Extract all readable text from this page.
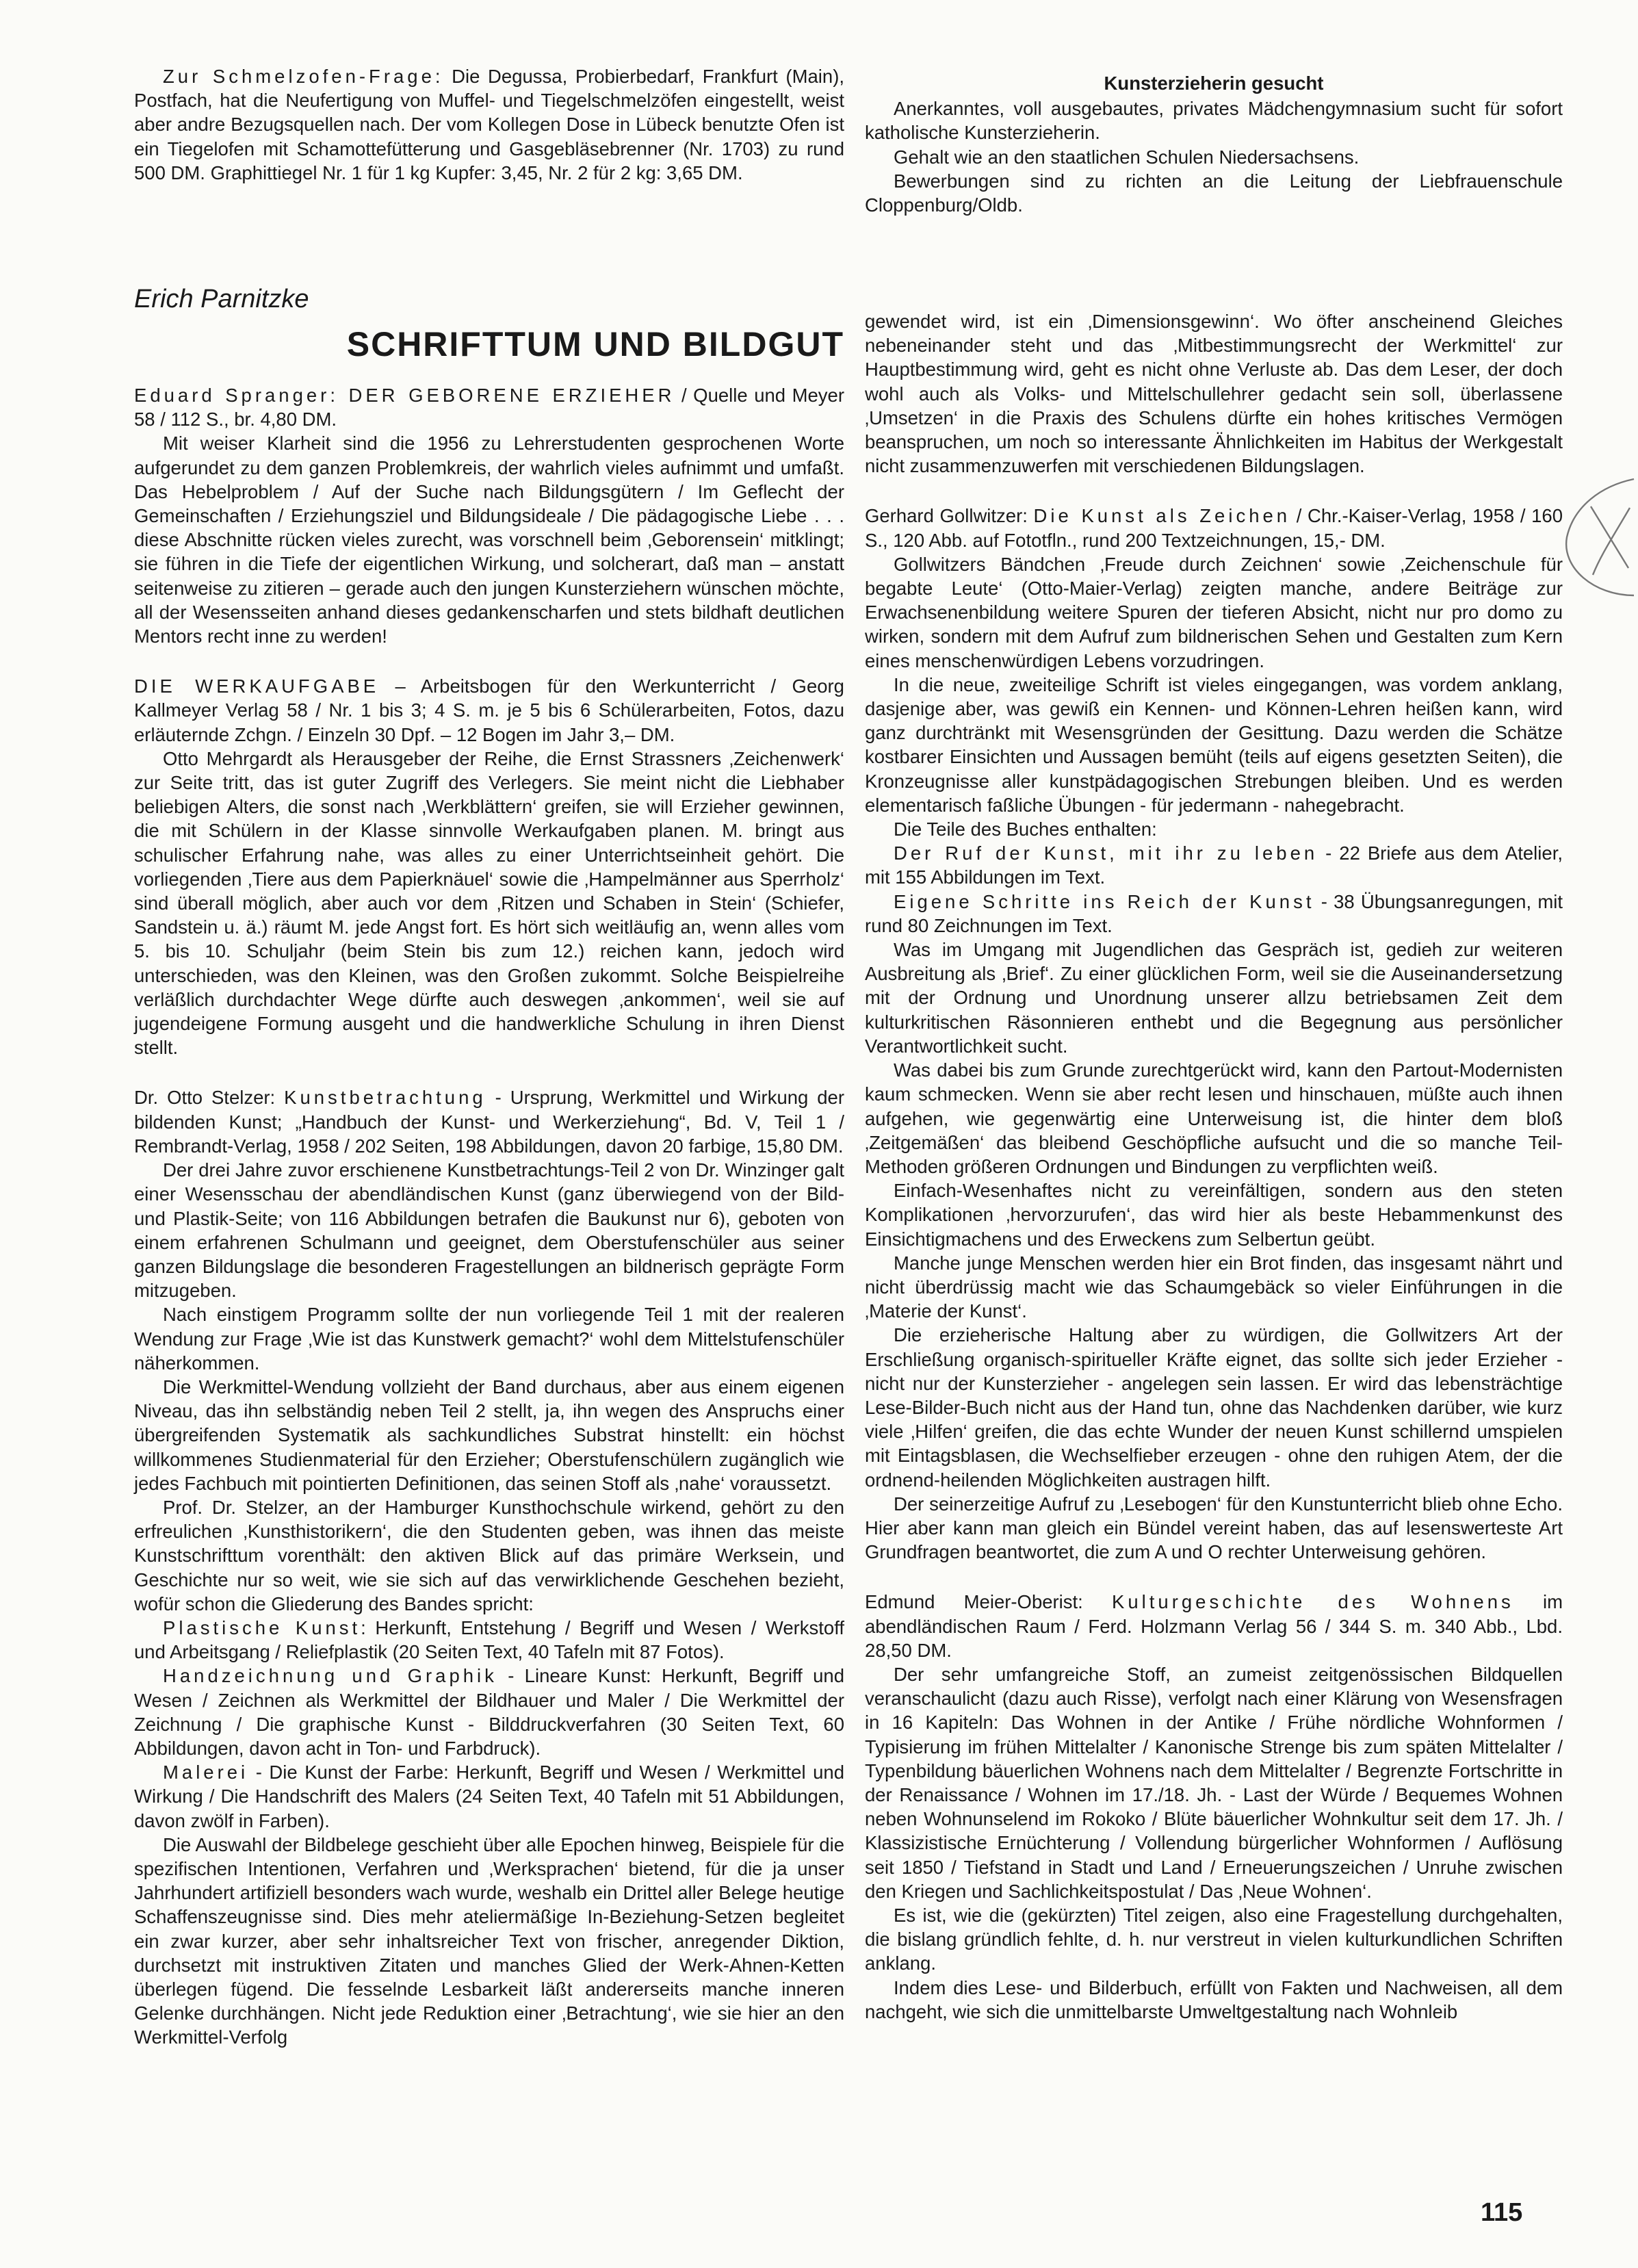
Zur Schmelzofen-Frage: Die Degussa, Probierbedarf, Frankfurt (Main), Postfach, hat die Neufertigung von Muffel- und Tiegelschmelzöfen eingestellt, weist aber andre Bezugsquellen nach. Der vom Kollegen Dose in Lübeck benutzte Ofen ist ein Tiegelofen mit Schamottefütterung und Gasgebläsebrenner (Nr. 1703) zu rund 500 DM. Graphittiegel Nr. 1 für 1 kg Kupfer: 3,45, Nr. 2 für 2 kg: 3,65 DM.

Kunsterzieherin gesucht

Anerkanntes, voll ausgebautes, privates Mädchengymnasium sucht für sofort katholische Kunsterzieherin.

Gehalt wie an den staatlichen Schulen Niedersachsens.

Bewerbungen sind zu richten an die Leitung der Liebfrauenschule Cloppenburg/Oldb.

Erich Parnitzke
SCHRIFTTUM UND BILDGUT

Eduard Spranger: DER GEBORENE ERZIEHER / Quelle und Meyer 58 / 112 S., br. 4,80 DM.

Mit weiser Klarheit sind die 1956 zu Lehrerstudenten gesprochenen Worte aufgerundet zu dem ganzen Problemkreis, der wahrlich vieles aufnimmt und umfaßt. Das Hebelproblem / Auf der Suche nach Bildungsgütern / Im Geflecht der Gemeinschaften / Erziehungsziel und Bildungsideale / Die pädagogische Liebe . . . diese Abschnitte rücken vieles zurecht, was vorschnell beim ‚Geborensein‘ mitklingt; sie führen in die Tiefe der eigentlichen Wirkung, und solcherart, daß man – anstatt seitenweise zu zitieren – gerade auch den jungen Kunsterziehern wünschen möchte, all der Wesensseiten anhand dieses gedankenscharfen und stets bildhaft deutlichen Mentors recht inne zu werden!

DIE WERKAUFGABE – Arbeitsbogen für den Werkunterricht / Georg Kallmeyer Verlag 58 / Nr. 1 bis 3; 4 S. m. je 5 bis 6 Schülerarbeiten, Fotos, dazu erläuternde Zchgn. / Einzeln 30 Dpf. – 12 Bogen im Jahr 3,– DM.

Otto Mehrgardt als Herausgeber der Reihe, die Ernst Strassners ‚Zeichenwerk‘ zur Seite tritt, das ist guter Zugriff des Verlegers. Sie meint nicht die Liebhaber beliebigen Alters, die sonst nach ‚Werkblättern‘ greifen, sie will Erzieher gewinnen, die mit Schülern in der Klasse sinnvolle Werkaufgaben planen. M. bringt aus schulischer Erfahrung nahe, was alles zu einer Unterrichtseinheit gehört. Die vorliegenden ‚Tiere aus dem Papierknäuel‘ sowie die ‚Hampelmänner aus Sperrholz‘ sind überall möglich, aber auch vor dem ‚Ritzen und Schaben in Stein‘ (Schiefer, Sandstein u. ä.) räumt M. jede Angst fort. Es hört sich weitläufig an, wenn alles vom 5. bis 10. Schuljahr (beim Stein bis zum 12.) reichen kann, jedoch wird unterschieden, was den Kleinen, was den Großen zukommt. Solche Beispielreihe verläßlich durchdachter Wege dürfte auch deswegen ‚ankommen‘, weil sie auf jugendeigene Formung ausgeht und die handwerkliche Schulung in ihren Dienst stellt.

Dr. Otto Stelzer: Kunstbetrachtung - Ursprung, Werkmittel und Wirkung der bildenden Kunst; „Handbuch der Kunst- und Werkerziehung“, Bd. V, Teil 1 / Rembrandt-Verlag, 1958 / 202 Seiten, 198 Abbildungen, davon 20 farbige, 15,80 DM.

Der drei Jahre zuvor erschienene Kunstbetrachtungs-Teil 2 von Dr. Winzinger galt einer Wesensschau der abendländischen Kunst (ganz überwiegend von der Bild- und Plastik-Seite; von 116 Abbildungen betrafen die Baukunst nur 6), geboten von einem erfahrenen Schulmann und geeignet, dem Oberstufenschüler aus seiner ganzen Bildungslage die besonderen Fragestellungen an bildnerisch geprägte Form mitzugeben.

Nach einstigem Programm sollte der nun vorliegende Teil 1 mit der realeren Wendung zur Frage ‚Wie ist das Kunstwerk gemacht?‘ wohl dem Mittelstufenschüler näherkommen.

Die Werkmittel-Wendung vollzieht der Band durchaus, aber aus einem eigenen Niveau, das ihn selbständig neben Teil 2 stellt, ja, ihn wegen des Anspruchs einer übergreifenden Systematik als sachkundliches Substrat hinstellt: ein höchst willkommenes Studienmaterial für den Erzieher; Oberstufenschülern zugänglich wie jedes Fachbuch mit pointierten Definitionen, das seinen Stoff als ‚nahe‘ voraussetzt.

Prof. Dr. Stelzer, an der Hamburger Kunsthochschule wirkend, gehört zu den erfreulichen ‚Kunsthistorikern‘, die den Studenten geben, was ihnen das meiste Kunstschrifttum vorenthält: den aktiven Blick auf das primäre Werksein, und Geschichte nur so weit, wie sie sich auf das verwirklichende Geschehen bezieht, wofür schon die Gliederung des Bandes spricht:

Plastische Kunst: Herkunft, Entstehung / Begriff und Wesen / Werkstoff und Arbeitsgang / Reliefplastik (20 Seiten Text, 40 Tafeln mit 87 Fotos).

Handzeichnung und Graphik - Lineare Kunst: Herkunft, Begriff und Wesen / Zeichnen als Werkmittel der Bildhauer und Maler / Die Werkmittel der Zeichnung / Die graphische Kunst - Bilddruckverfahren (30 Seiten Text, 60 Abbildungen, davon acht in Ton- und Farbdruck).

Malerei - Die Kunst der Farbe: Herkunft, Begriff und Wesen / Werkmittel und Wirkung / Die Handschrift des Malers (24 Seiten Text, 40 Tafeln mit 51 Abbildungen, davon zwölf in Farben).

Die Auswahl der Bildbelege geschieht über alle Epochen hinweg, Beispiele für die spezifischen Intentionen, Verfahren und ‚Werksprachen‘ bietend, für die ja unser Jahrhundert artifiziell besonders wach wurde, weshalb ein Drittel aller Belege heutige Schaffenszeugnisse sind. Dies mehr ateliermäßige In-Beziehung-Setzen begleitet ein zwar kurzer, aber sehr inhaltsreicher Text von frischer, anregender Diktion, durchsetzt mit instruktiven Zitaten und manches Glied der Werk-Ahnen-Ketten überlegen fügend. Die fesselnde Lesbarkeit läßt andererseits manche inneren Gelenke durchhängen. Nicht jede Reduktion einer ‚Betrachtung‘, wie sie hier an den Werkmittel-Verfolg

gewendet wird, ist ein ‚Dimensionsgewinn‘. Wo öfter anscheinend Gleiches nebeneinander steht und das ‚Mitbestimmungsrecht der Werkmittel‘ zur Hauptbestimmung wird, geht es nicht ohne Verluste ab. Das dem Leser, der doch wohl auch als Volks- und Mittelschullehrer gedacht sein soll, überlassene ‚Umsetzen‘ in die Praxis des Schulens dürfte ein hohes kritisches Vermögen beanspruchen, um noch so interessante Ähnlichkeiten im Habitus der Werkgestalt nicht zusammenzuwerfen mit verschiedenen Bildungslagen.

Gerhard Gollwitzer: Die Kunst als Zeichen / Chr.-Kaiser-Verlag, 1958 / 160 S., 120 Abb. auf Fototfln., rund 200 Textzeichnungen, 15,- DM.

Gollwitzers Bändchen ‚Freude durch Zeichnen‘ sowie ‚Zeichenschule für begabte Leute‘ (Otto-Maier-Verlag) zeigten manche, andere Beiträge zur Erwachsenenbildung weitere Spuren der tieferen Absicht, nicht nur pro domo zu wirken, sondern mit dem Aufruf zum bildnerischen Sehen und Gestalten zum Kern eines menschenwürdigen Lebens vorzudringen.

In die neue, zweiteilige Schrift ist vieles eingegangen, was vordem anklang, dasjenige aber, was gewiß ein Kennen- und Können-Lehren heißen kann, wird ganz durchtränkt mit Wesensgründen der Gesittung. Dazu werden die Schätze kostbarer Einsichten und Aussagen bemüht (teils auf eigens gesetzten Seiten), die Kronzeugnisse aller kunstpädagogischen Strebungen bleiben. Und es werden elementarisch faßliche Übungen - für jedermann - nahegebracht.

Die Teile des Buches enthalten:

Der Ruf der Kunst, mit ihr zu leben - 22 Briefe aus dem Atelier, mit 155 Abbildungen im Text.

Eigene Schritte ins Reich der Kunst - 38 Übungsanregungen, mit rund 80 Zeichnungen im Text.

Was im Umgang mit Jugendlichen das Gespräch ist, gedieh zur weiteren Ausbreitung als ‚Brief‘. Zu einer glücklichen Form, weil sie die Auseinandersetzung mit der Ordnung und Unordnung unserer allzu betriebsamen Zeit dem kulturkritischen Räsonnieren enthebt und die Begegnung aus persönlicher Verantwortlichkeit sucht.

Was dabei bis zum Grunde zurechtgerückt wird, kann den Partout-Modernisten kaum schmecken. Wenn sie aber recht lesen und hinschauen, müßte auch ihnen aufgehen, wie gegenwärtig eine Unterweisung ist, die hinter dem bloß ‚Zeitgemäßen‘ das bleibend Geschöpfliche aufsucht und die so manche Teil-Methoden größeren Ordnungen und Bindungen zu verpflichten weiß.

Einfach-Wesenhaftes nicht zu vereinfältigen, sondern aus den steten Komplikationen ‚hervorzurufen‘, das wird hier als beste Hebammenkunst des Einsichtigmachens und des Erweckens zum Selbertun geübt.

Manche junge Menschen werden hier ein Brot finden, das insgesamt nährt und nicht überdrüssig macht wie das Schaumgebäck so vieler Einführungen in die ‚Materie der Kunst‘.

Die erzieherische Haltung aber zu würdigen, die Gollwitzers Art der Erschließung organisch-spiritueller Kräfte eignet, das sollte sich jeder Erzieher - nicht nur der Kunsterzieher - angelegen sein lassen. Er wird das lebensträchtige Lese-Bilder-Buch nicht aus der Hand tun, ohne das Nachdenken darüber, wie kurz viele ‚Hilfen‘ greifen, die das echte Wunder der neuen Kunst schillernd umspielen mit Eintagsblasen, die Wechselfieber erzeugen - ohne den ruhigen Atem, der die ordnend-heilenden Möglichkeiten austragen hilft.

Der seinerzeitige Aufruf zu ‚Lesebogen‘ für den Kunstunterricht blieb ohne Echo. Hier aber kann man gleich ein Bündel vereint haben, das auf lesenswerteste Art Grundfragen beantwortet, die zum A und O rechter Unterweisung gehören.

Edmund Meier-Oberist: Kulturgeschichte des Wohnens im abendländischen Raum / Ferd. Holzmann Verlag 56 / 344 S. m. 340 Abb., Lbd. 28,50 DM.

Der sehr umfangreiche Stoff, an zumeist zeitgenössischen Bildquellen veranschaulicht (dazu auch Risse), verfolgt nach einer Klärung von Wesensfragen in 16 Kapiteln: Das Wohnen in der Antike / Frühe nördliche Wohnformen / Typisierung im frühen Mittelalter / Kanonische Strenge bis zum späten Mittelalter / Typenbildung bäuerlichen Wohnens nach dem Mittelalter / Begrenzte Fortschritte in der Renaissance / Wohnen im 17./18. Jh. - Last der Würde / Bequemes Wohnen neben Wohnunselend im Rokoko / Blüte bäuerlicher Wohnkultur seit dem 17. Jh. / Klassizistische Ernüchterung / Vollendung bürgerlicher Wohnformen / Auflösung seit 1850 / Tiefstand in Stadt und Land / Erneuerungszeichen / Unruhe zwischen den Kriegen und Sachlichkeitspostulat / Das ‚Neue Wohnen‘.

Es ist, wie die (gekürzten) Titel zeigen, also eine Fragestellung durchgehalten, die bislang gründlich fehlte, d. h. nur verstreut in vielen kulturkundlichen Schriften anklang.

Indem dies Lese- und Bilderbuch, erfüllt von Fakten und Nachweisen, all dem nachgeht, wie sich die unmittelbarste Umweltgestaltung nach Wohnleib

115
